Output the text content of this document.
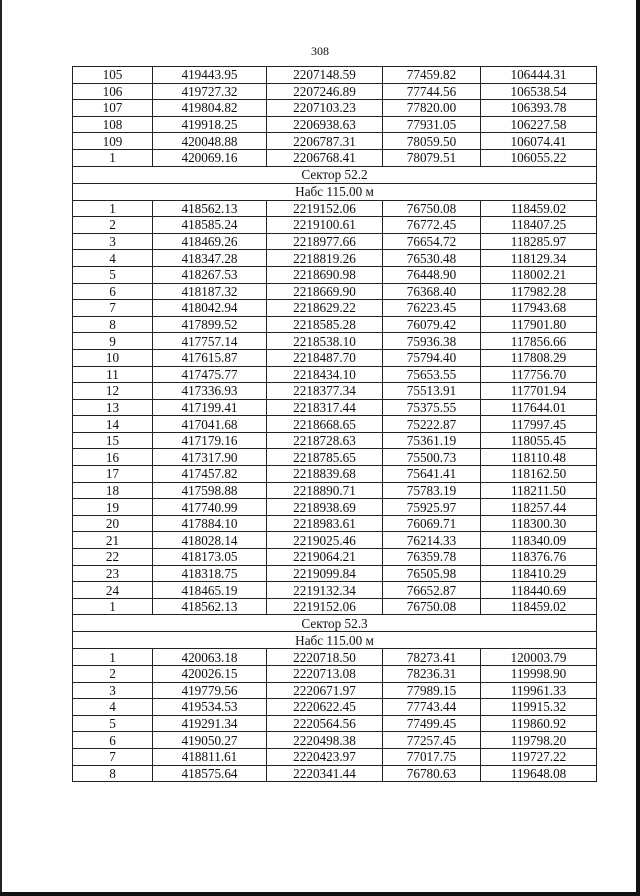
308
105	419443.95	2207148.59	77459.82	106444.31
106	419727.32	2207246.89	77744.56	106538.54
107	419804.82	2207103.23	77820.00	106393.78
108	419918.25	2206938.63	77931.05	106227.58
109	420048.88	2206787.31	78059.50	106074.41
1	420069.16	2206768.41	78079.51	106055.22
Сектор 52.2				
Набс 115.00 м				
1	418562.13	2219152.06	76750.08	118459.02
2	418585.24	2219100.61	76772.45	118407.25
3	418469.26	2218977.66	76654.72	118285.97
4	418347.28	2218819.26	76530.48	118129.34
5	418267.53	2218690.98	76448.90	118002.21
6	418187.32	2218669.90	76368.40	117982.28
7	418042.94	2218629.22	76223.45	117943.68
8	417899.52	2218585.28	76079.42	117901.80
9	417757.14	2218538.10	75936.38	117856.66
10	417615.87	2218487.70	75794.40	117808.29
11	417475.77	2218434.10	75653.55	117756.70
12	417336.93	2218377.34	75513.91	117701.94
13	417199.41	2218317.44	75375.55	117644.01
14	417041.68	2218668.65	75222.87	117997.45
15	417179.16	2218728.63	75361.19	118055.45
16	417317.90	2218785.65	75500.73	118110.48
17	417457.82	2218839.68	75641.41	118162.50
18	417598.88	2218890.71	75783.19	118211.50
19	417740.99	2218938.69	75925.97	118257.44
20	417884.10	2218983.61	76069.71	118300.30
21	418028.14	2219025.46	76214.33	118340.09
22	418173.05	2219064.21	76359.78	118376.76
23	418318.75	2219099.84	76505.98	118410.29
24	418465.19	2219132.34	76652.87	118440.69
1	418562.13	2219152.06	76750.08	118459.02
Сектор 52.3				
Набс 115.00 м				
1	420063.18	2220718.50	78273.41	120003.79
2	420026.15	2220713.08	78236.31	119998.90
3	419779.56	2220671.97	77989.15	119961.33
4	419534.53	2220622.45	77743.44	119915.32
5	419291.34	2220564.56	77499.45	119860.92
6	419050.27	2220498.38	77257.45	119798.20
7	418811.61	2220423.97	77017.75	119727.22
8	418575.64	2220341.44	76780.63	119648.08
